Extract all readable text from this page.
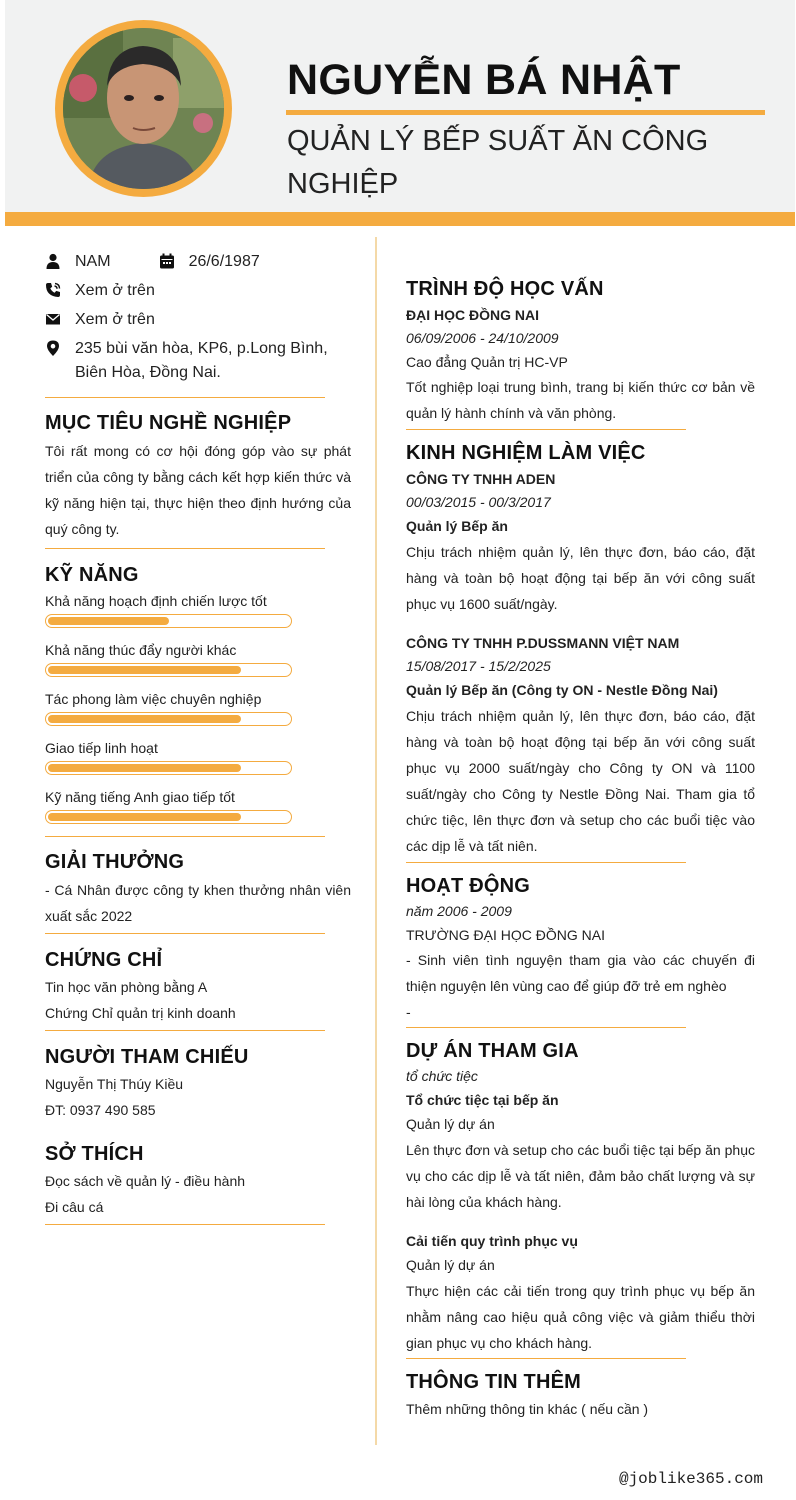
NGUYỄN BÁ NHẬT
QUẢN LÝ BẾP SUẤT ĂN CÔNG NGHIỆP
NAM	26/6/1987
Xem ở trên
Xem ở trên
235 bùi văn hòa, KP6, p.Long Bình, Biên Hòa, Đồng Nai.
MỤC TIÊU NGHỀ NGHIỆP
Tôi rất mong có cơ hội đóng góp vào sự phát triển của công ty bằng cách kết hợp kiến thức và kỹ năng hiện tại, thực hiện theo định hướng của quý công ty.
KỸ NĂNG
Khả năng hoạch định chiến lược tốt
Khả năng thúc đẩy người khác
Tác phong làm việc chuyên nghiệp
Giao tiếp linh hoạt
Kỹ năng tiếng Anh giao tiếp tốt
GIẢI THƯỞNG
- Cá Nhân được công ty khen thưởng nhân viên xuất sắc 2022
CHỨNG CHỈ
Tin học văn phòng bằng A
Chứng Chỉ quản trị kinh doanh
NGƯỜI THAM CHIẾU
Nguyễn Thị Thúy Kiều
ĐT: 0937 490 585
SỞ THÍCH
Đọc sách về quản lý - điều hành
Đi câu cá
TRÌNH ĐỘ HỌC VẤN
ĐẠI HỌC ĐỒNG NAI
06/09/2006 - 24/10/2009
Cao đẳng Quản trị HC-VP
Tốt nghiệp loại trung bình, trang bị kiến thức cơ bản về quản lý hành chính và văn phòng.
KINH NGHIỆM LÀM VIỆC
CÔNG TY TNHH ADEN
00/03/2015 - 00/3/2017
Quản lý Bếp ăn
Chịu trách nhiệm quản lý, lên thực đơn, báo cáo, đặt hàng và toàn bộ hoạt động tại bếp ăn với công suất phục vụ 1600 suất/ngày.
CÔNG TY TNHH P.DUSSMANN VIỆT NAM
15/08/2017 - 15/2/2025
Quản lý Bếp ăn (Công ty ON - Nestle Đồng Nai)
Chịu trách nhiệm quản lý, lên thực đơn, báo cáo, đặt hàng và toàn bộ hoạt động tại bếp ăn với công suất phục vụ 2000 suất/ngày cho Công ty ON và 1100 suất/ngày cho Công ty Nestle Đồng Nai. Tham gia tổ chức tiệc, lên thực đơn và setup cho các buổi tiệc vào các dịp lễ và tất niên.
HOẠT ĐỘNG
năm 2006 - 2009
TRƯỜNG ĐẠI HỌC ĐỒNG NAI
- Sinh viên tình nguyện tham gia vào các chuyến đi thiện nguyện lên vùng cao để giúp đỡ trẻ em nghèo
-
DỰ ÁN THAM GIA
tổ chức tiệc
Tổ chức tiệc tại bếp ăn
Quản lý dự án
Lên thực đơn và setup cho các buổi tiệc tại bếp ăn phục vụ cho các dịp lễ và tất niên, đảm bảo chất lượng và sự hài lòng của khách hàng.
Cải tiến quy trình phục vụ
Quản lý dự án
Thực hiện các cải tiến trong quy trình phục vụ bếp ăn nhằm nâng cao hiệu quả công việc và giảm thiểu thời gian phục vụ cho khách hàng.
THÔNG TIN THÊM
Thêm những thông tin khác ( nếu cần )
@joblike365.com
